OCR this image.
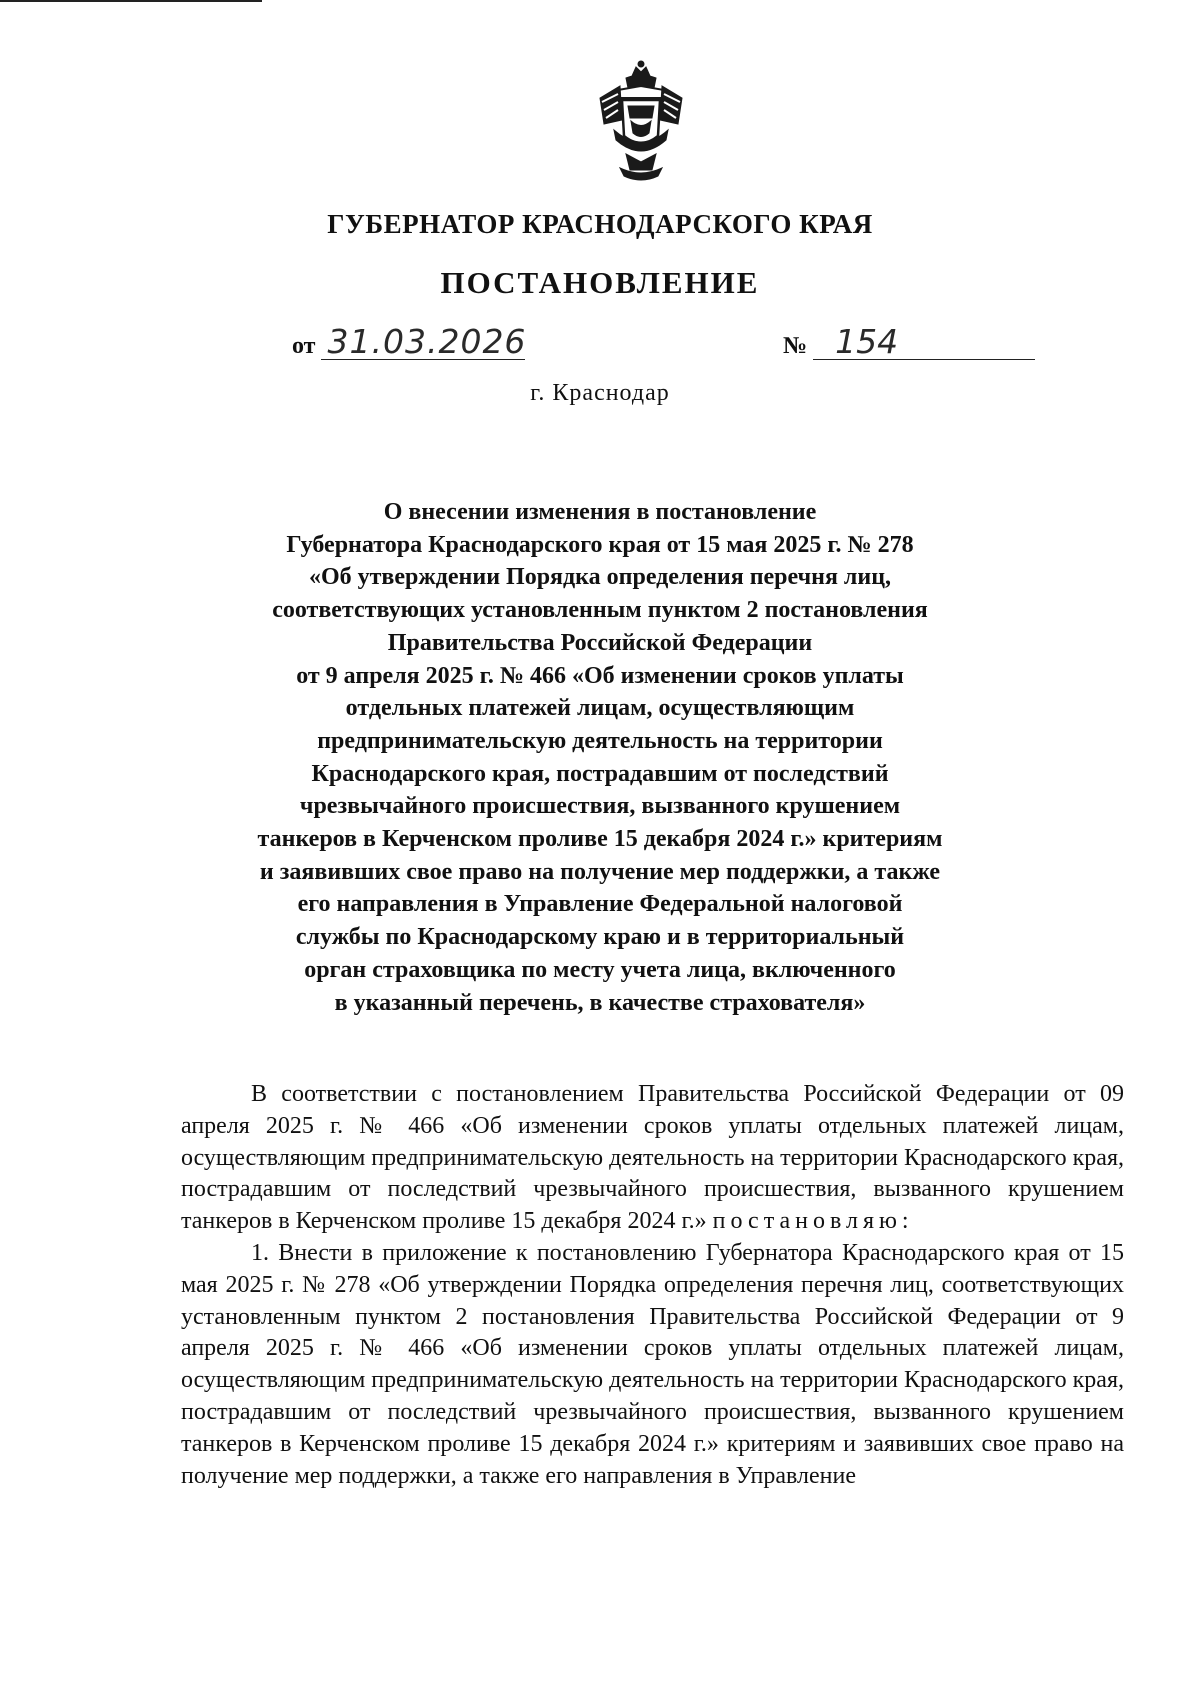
ГУБЕРНАТОР КРАСНОДАРСКОГО КРАЯ
ПОСТАНОВЛЕНИЕ
от 31.03.2026	№ 154
г. Краснодар
О внесении изменения в постановление
Губернатора Краснодарского края от 15 мая 2025 г. № 278
«Об утверждении Порядка определения перечня лиц,
соответствующих установленным пунктом 2 постановления
Правительства Российской Федерации
от 9 апреля 2025 г. № 466 «Об изменении сроков уплаты
отдельных платежей лицам, осуществляющим
предпринимательскую деятельность на территории
Краснодарского края, пострадавшим от последствий
чрезвычайного происшествия, вызванного крушением
танкеров в Керченском проливе 15 декабря 2024 г.» критериям
и заявивших свое право на получение мер поддержки, а также
его направления в Управление Федеральной налоговой
службы по Краснодарскому краю и в территориальный
орган страховщика по месту учета лица, включенного
в указанный перечень, в качестве страхователя»

В соответствии с постановлением Правительства Российской Федерации от 09 апреля 2025 г. № 466 «Об изменении сроков уплаты отдельных платежей лицам, осуществляющим предпринимательскую деятельность на территории Краснодарского края, пострадавшим от последствий чрезвычайного происшествия, вызванного крушением танкеров в Керченском проливе 15 декабря 2024 г.» постановляю:

1. Внести в приложение к постановлению Губернатора Краснодарского края от 15 мая 2025 г. № 278 «Об утверждении Порядка определения перечня лиц, соответствующих установленным пунктом 2 постановления Правительства Российской Федерации от 9 апреля 2025 г. № 466 «Об изменении сроков уплаты отдельных платежей лицам, осуществляющим предпринимательскую деятельность на территории Краснодарского края, пострадавшим от последствий чрезвычайного происшествия, вызванного крушением танкеров в Керченском проливе 15 декабря 2024 г.» критериям и заявивших свое право на получение мер поддержки, а также его направления в Управление
